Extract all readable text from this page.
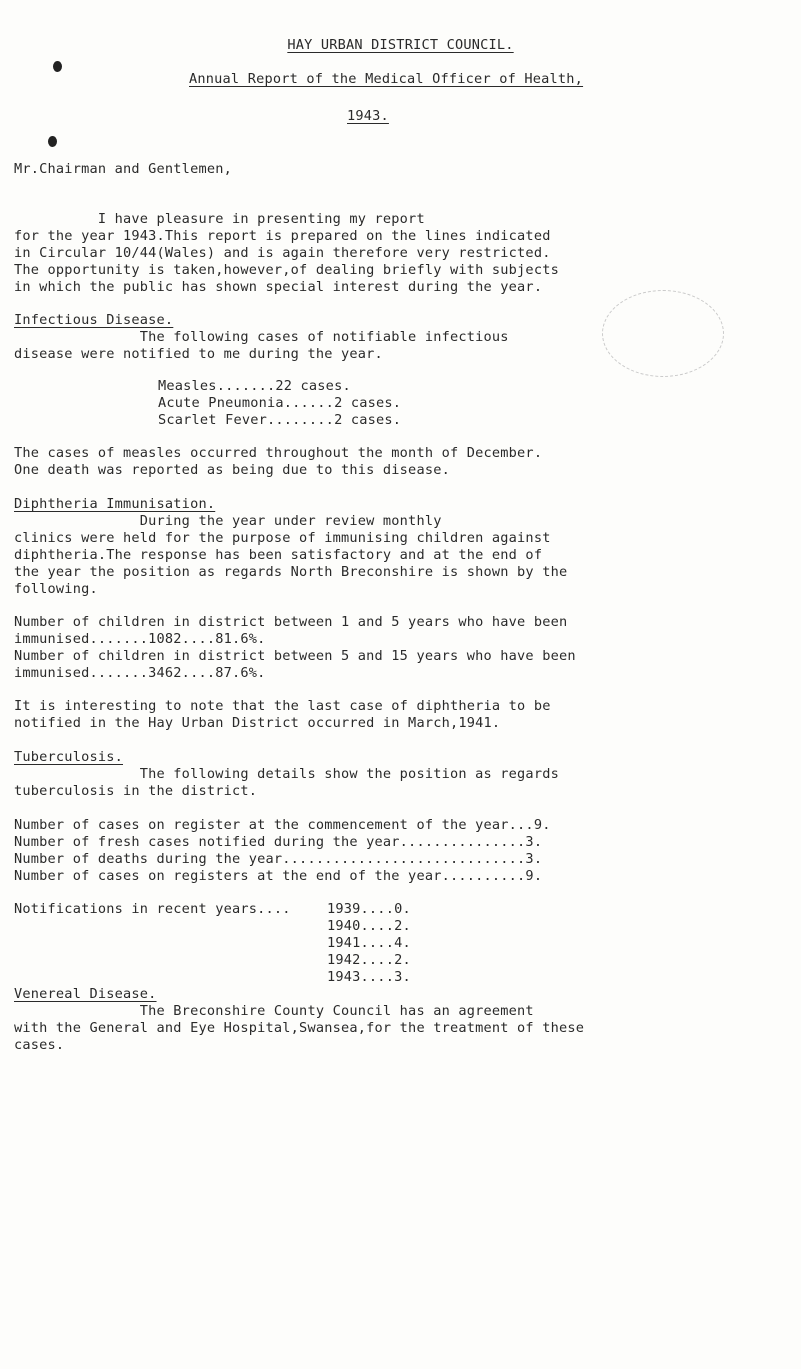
HAY URBAN DISTRICT COUNCIL.
Annual Report of the Medical Officer of Health,
1943.
Mr.Chairman and Gentlemen,
I have pleasure in presenting my report
for the year 1943.This report is prepared on the lines indicated
in Circular 10/44(Wales) and is again therefore very restricted.
The opportunity is taken,however,of dealing briefly with subjects
in which the public has shown special interest during the year.
Infectious Disease.
The following cases of notifiable infectious
disease were notified to me during the year.
Measles.......22 cases.
Acute Pneumonia......2 cases.
Scarlet Fever........2 cases.
The cases of measles occurred throughout the month of December.
One death was reported as being due to this disease.
Diphtheria Immunisation.
During the year under review monthly
clinics were held for the purpose of immunising children against
diphtheria.The response has been satisfactory and at the end of
the year the position as regards North Breconshire is shown by the
following.
Number of children in district between 1 and 5 years who have been
immunised.......1082....81.6%.
Number of children in district between 5 and 15 years who have been
immunised.......3462....87.6%.
It is interesting to note that the last case of diphtheria to be
notified in the Hay Urban District occurred in March,1941.
Tuberculosis.
The following details show the position as regards
tuberculosis in the district.
Number of cases on register at the commencement of the year...9.
Number of fresh cases notified during the year...............3.
Number of deaths during the year.............................3.
Number of cases on registers at the end of the year..........9.
Notifications in recent years....	1939....0.
1940....2.
1941....4.
1942....2.
1943....3.
Venereal Disease.
The Breconshire County Council has an agreement
with the General and Eye Hospital,Swansea,for the treatment of these
cases.
